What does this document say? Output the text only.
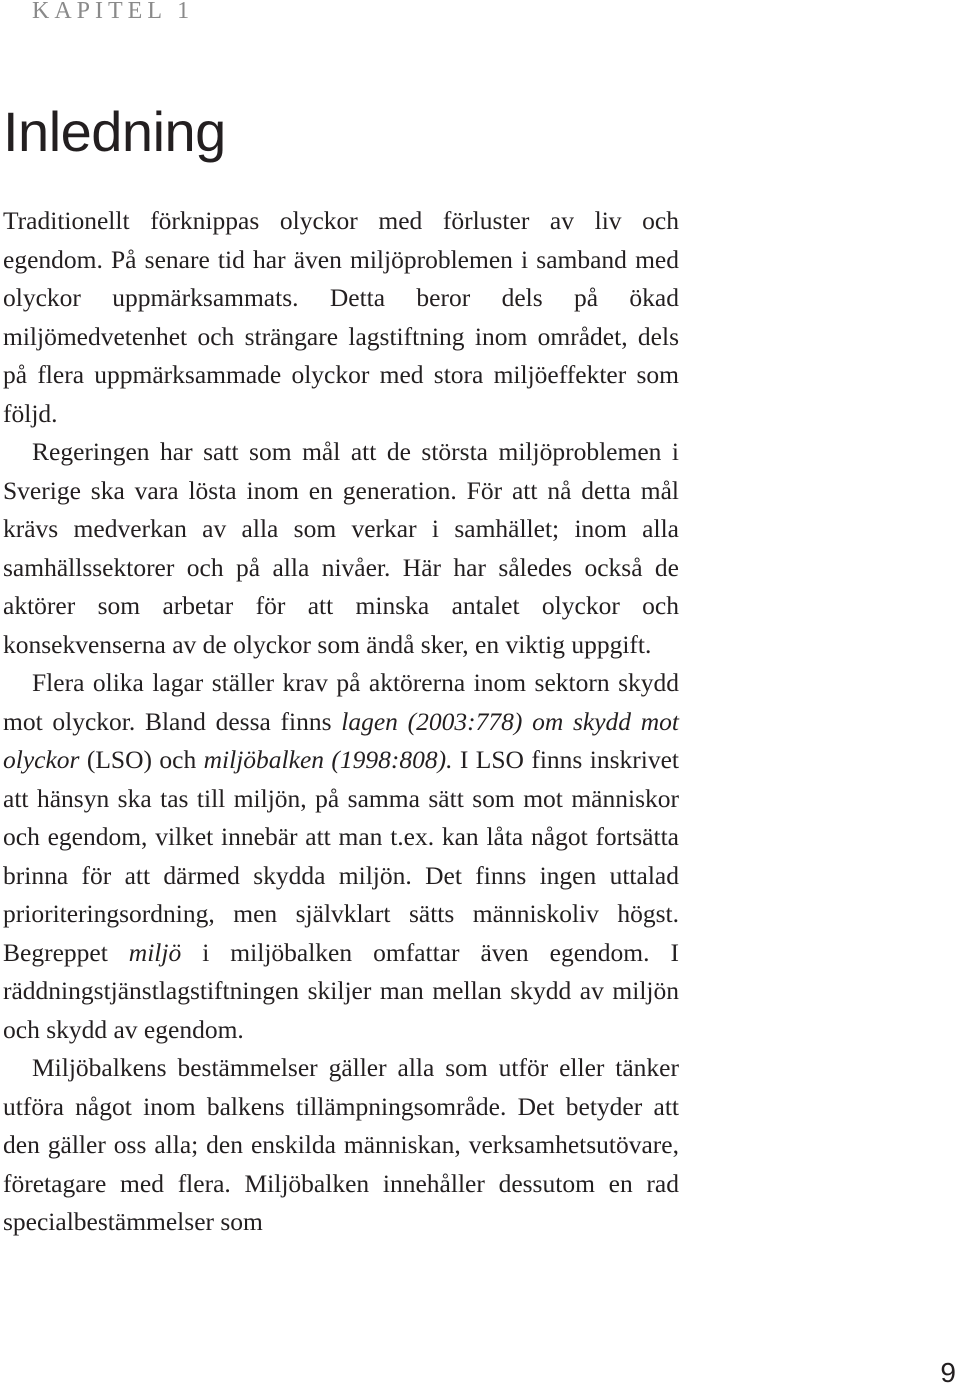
KAPITEL 1
Inledning

Traditionellt förknippas olyckor med förluster av liv och egendom. På senare tid har även miljöproblemen i samband med olyckor uppmärksammats. Detta beror dels på ökad miljömedvetenhet och strängare lagstiftning inom området, dels på flera uppmärksammade olyckor med stora miljöeffekter som följd.

Regeringen har satt som mål att de största miljöproblemen i Sverige ska vara lösta inom en generation. För att nå detta mål krävs medverkan av alla som verkar i samhället; inom alla samhällssektorer och på alla nivåer. Här har således också de aktörer som arbetar för att minska antalet olyckor och konsekvenserna av de olyckor som ändå sker, en viktig uppgift.

Flera olika lagar ställer krav på aktörerna inom sektorn skydd mot olyckor. Bland dessa finns lagen (2003:778) om skydd mot olyckor (LSO) och miljöbalken (1998:808). I LSO finns inskrivet att hänsyn ska tas till miljön, på samma sätt som mot människor och egendom, vilket innebär att man t.ex. kan låta något fortsätta brinna för att därmed skydda miljön. Det finns ingen uttalad prioriteringsordning, men självklart sätts människoliv högst. Begreppet miljö i miljöbalken omfattar även egendom. I räddningstjänstlagstiftningen skiljer man mellan skydd av miljön och skydd av egendom.

Miljöbalkens bestämmelser gäller alla som utför eller tänker utföra något inom balkens tillämpningsområde. Det betyder att den gäller oss alla; den enskilda människan, verksamhetsutövare, företagare med flera. Miljöbalken innehåller dessutom en rad specialbestämmelser som

9
